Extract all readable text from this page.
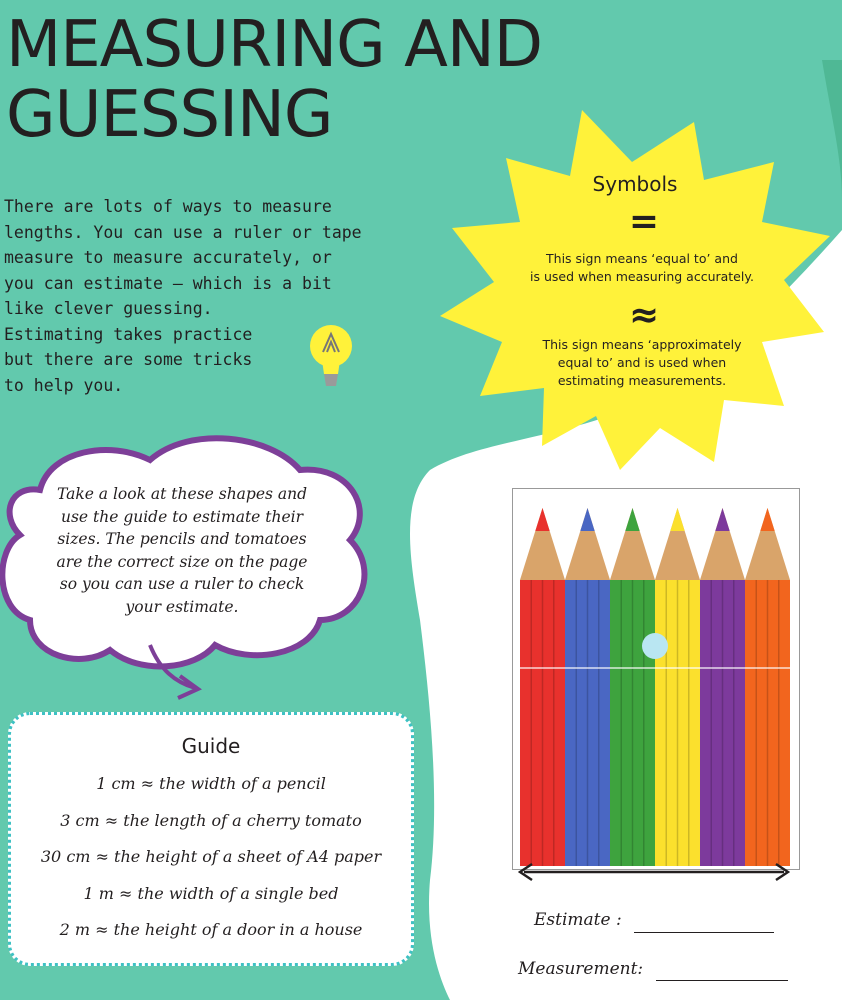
MEASURING AND
GUESSING

There are lots of ways to measure
lengths. You can use a ruler or tape
measure to measure accurately, or
you can estimate – which is a bit
like clever guessing.
Estimating takes practice
but there are some tricks
to help you.

Symbols
=
This sign means ‘equal to’ and
is used when measuring accurately.
≈
This sign means ‘approximately
equal to’ and is used when
estimating measurements.
Take a look at these shapes and
use the guide to estimate their
sizes. The pencils and tomatoes
are the correct size on the page
so you can use a ruler to check
your estimate.
Guide
1 cm ≈ the width of a pencil
3 cm ≈ the length of a cherry tomato
30 cm ≈ the height of a sheet of A4 paper
1 m ≈ the width of a single bed
2 m ≈ the height of a door in a house	Estimate :
Measurement:
